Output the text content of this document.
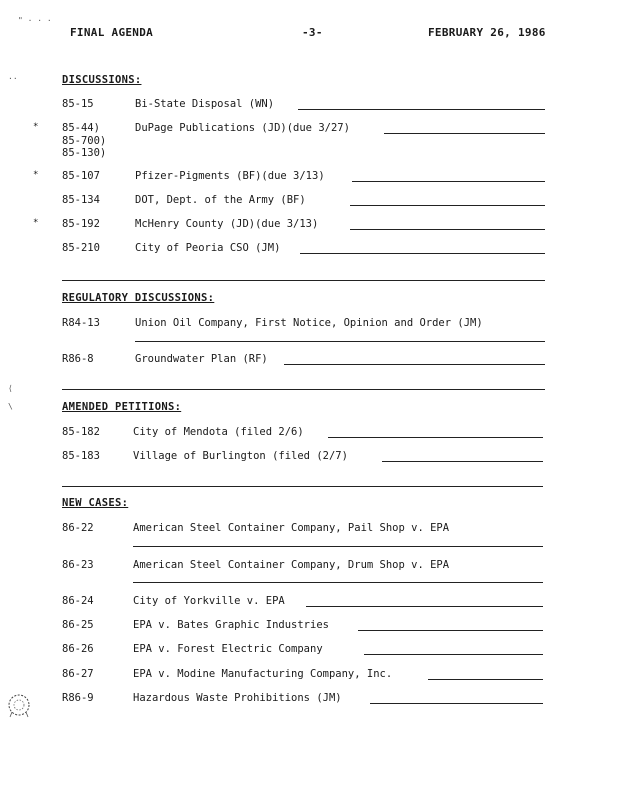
FINAL AGENDA	-3-	FEBRUARY 26, 1986
" · · ·
··
⟨
\
DISCUSSIONS:
85-15	Bi-State Disposal (WN)
* 85-44)	DuPage Publications (JD)(due 3/27)
85-700)
85-130)
* 85-107	Pfizer-Pigments (BF)(due 3/13)
85-134	DOT, Dept. of the Army (BF)
* 85-192	McHenry County (JD)(due 3/13)
85-210	City of Peoria CSO (JM)
REGULATORY DISCUSSIONS:
R84-13	Union Oil Company, First Notice, Opinion and Order (JM)
R86-8	Groundwater Plan (RF)
AMENDED PETITIONS:
85-182	City of Mendota (filed 2/6)
85-183	Village of Burlington (filed (2/7)
NEW CASES:
86-22	American Steel Container Company, Pail Shop v. EPA
86-23	American Steel Container Company, Drum Shop v. EPA
86-24	City of Yorkville v. EPA
86-25	EPA v. Bates Graphic Industries
86-26	EPA v. Forest Electric Company
86-27	EPA v. Modine Manufacturing Company, Inc.
R86-9	Hazardous Waste Prohibitions (JM)
